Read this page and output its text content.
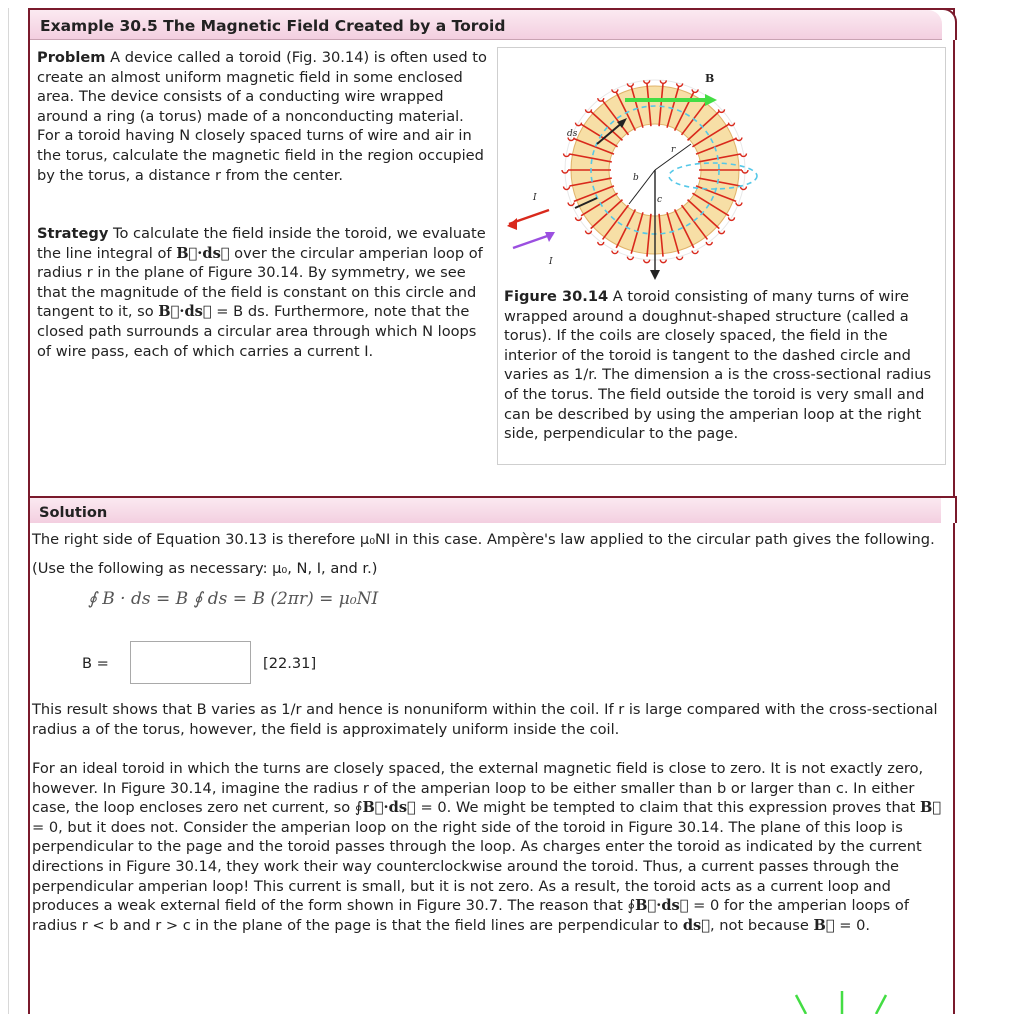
Example 30.5 The Magnetic Field Created by a Toroid

Problem A device called a toroid (Fig. 30.14) is often used to create an almost uniform magnetic field in some enclosed area. The device consists of a conducting wire wrapped around a ring (a torus) made of a nonconducting material. For a toroid having N closely spaced turns of wire and air in the torus, calculate the magnetic field in the region occupied by the torus, a distance r from the center.

Strategy To calculate the field inside the toroid, we evaluate the line integral of B⃗·ds⃗ over the circular amperian loop of radius r in the plane of Figure 30.14. By symmetry, we see that the magnitude of the field is constant on this circle and tangent to it, so B⃗·ds⃗ = B ds. Furthermore, note that the closed path surrounds a circular area through which N loops of wire pass, each of which carries a current I.

B
ds
r
b
c
I
I

Figure 30.14 A toroid consisting of many turns of wire wrapped around a doughnut-shaped structure (called a torus). If the coils are closely spaced, the field in the interior of the toroid is tangent to the dashed circle and varies as 1/r. The dimension a is the cross-sectional radius of the torus. The field outside the toroid is very small and can be described by using the amperian loop at the right side, perpendicular to the page.

Solution

The right side of Equation 30.13 is therefore μ₀NI in this case. Ampère's law applied to the circular path gives the following. (Use the following as necessary: μ₀, N, I, and r.)

∮ B · ds = B ∮ ds = B (2πr) = μ₀NI
B =	[22.31]

This result shows that B varies as 1/r and hence is nonuniform within the coil. If r is large compared with the cross-sectional radius a of the torus, however, the field is approximately uniform inside the coil.

For an ideal toroid in which the turns are closely spaced, the external magnetic field is close to zero. It is not exactly zero, however. In Figure 30.14, imagine the radius r of the amperian loop to be either smaller than b or larger than c. In either case, the loop encloses zero net current, so ∮B⃗·ds⃗ = 0. We might be tempted to claim that this expression proves that B⃗ = 0, but it does not. Consider the amperian loop on the right side of the toroid in Figure 30.14. The plane of this loop is perpendicular to the page and the toroid passes through the loop. As charges enter the toroid as indicated by the current directions in Figure 30.14, they work their way counterclockwise around the toroid. Thus, a current passes through the perpendicular amperian loop! This current is small, but it is not zero. As a result, the toroid acts as a current loop and produces a weak external field of the form shown in Figure 30.7. The reason that ∮B⃗·ds⃗ = 0 for the amperian loops of radius r < b and r > c in the plane of the page is that the field lines are perpendicular to ds⃗, not because B⃗ = 0.
